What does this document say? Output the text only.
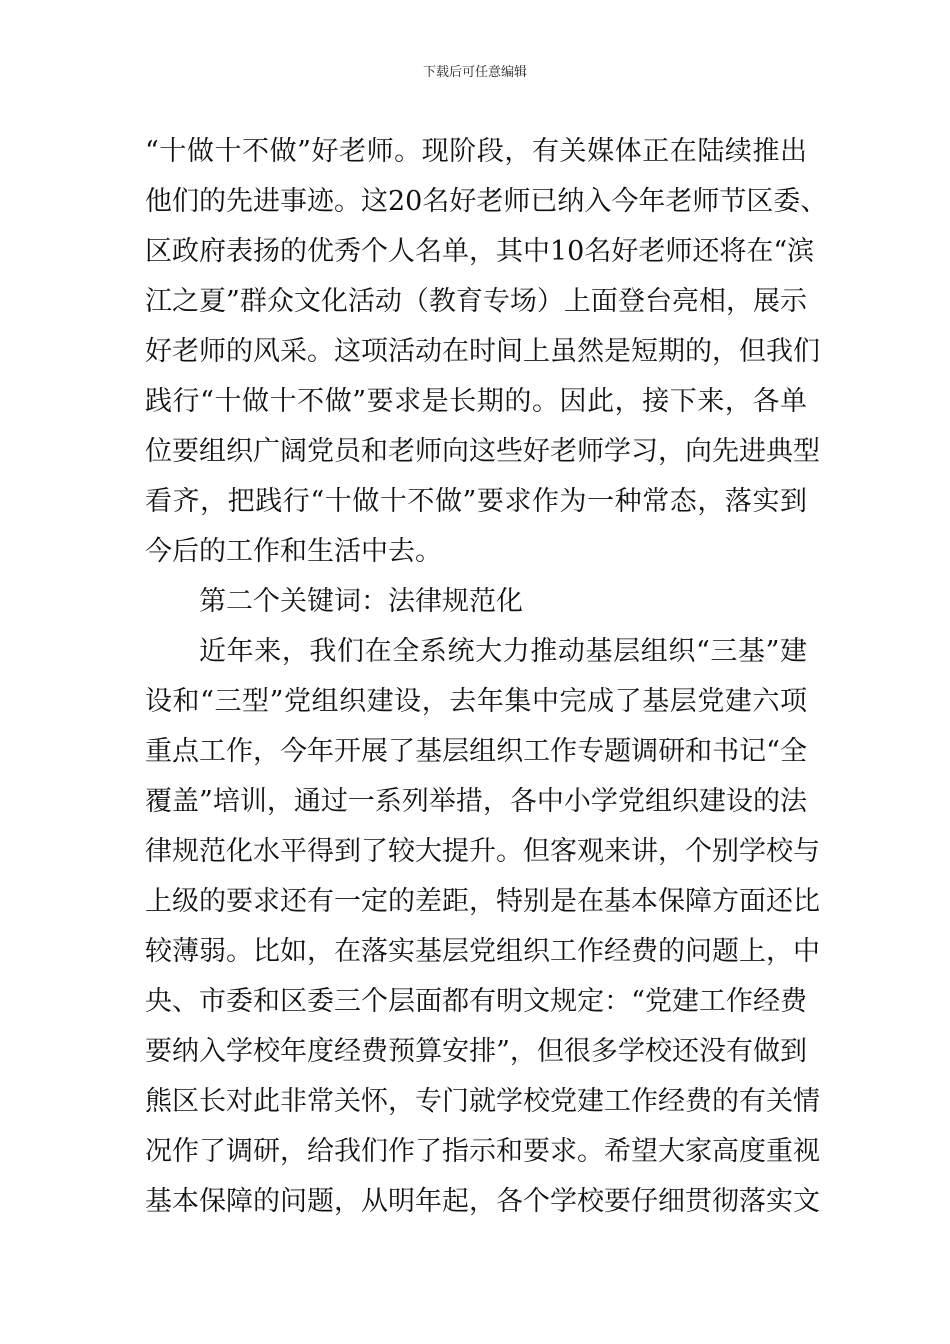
下载后可任意编辑
“十做十不做”好老师。现阶段，有关媒体正在陆续推出
他们的先进事迹。这20名好老师已纳入今年老师节区委、
区政府表扬的优秀个人名单，其中10名好老师还将在“滨
江之夏”群众文化活动（教育专场）上面登台亮相，展示
好老师的风采。这项活动在时间上虽然是短期的，但我们
践行“十做十不做”要求是长期的。因此，接下来，各单
位要组织广阔党员和老师向这些好老师学习，向先进典型
看齐，把践行“十做十不做”要求作为一种常态，落实到
今后的工作和生活中去。
第二个关键词：法律规范化
近年来，我们在全系统大力推动基层组织“三基”建
设和“三型”党组织建设，去年集中完成了基层党建六项
重点工作，今年开展了基层组织工作专题调研和书记“全
覆盖”培训，通过一系列举措，各中小学党组织建设的法
律规范化水平得到了较大提升。但客观来讲，个别学校与
上级的要求还有一定的差距，特别是在基本保障方面还比
较薄弱。比如，在落实基层党组织工作经费的问题上，中
央、市委和区委三个层面都有明文规定：“党建工作经费
要纳入学校年度经费预算安排”，但很多学校还没有做到
熊区长对此非常关怀，专门就学校党建工作经费的有关情
况作了调研，给我们作了指示和要求。希望大家高度重视
基本保障的问题，从明年起，各个学校要仔细贯彻落实文
